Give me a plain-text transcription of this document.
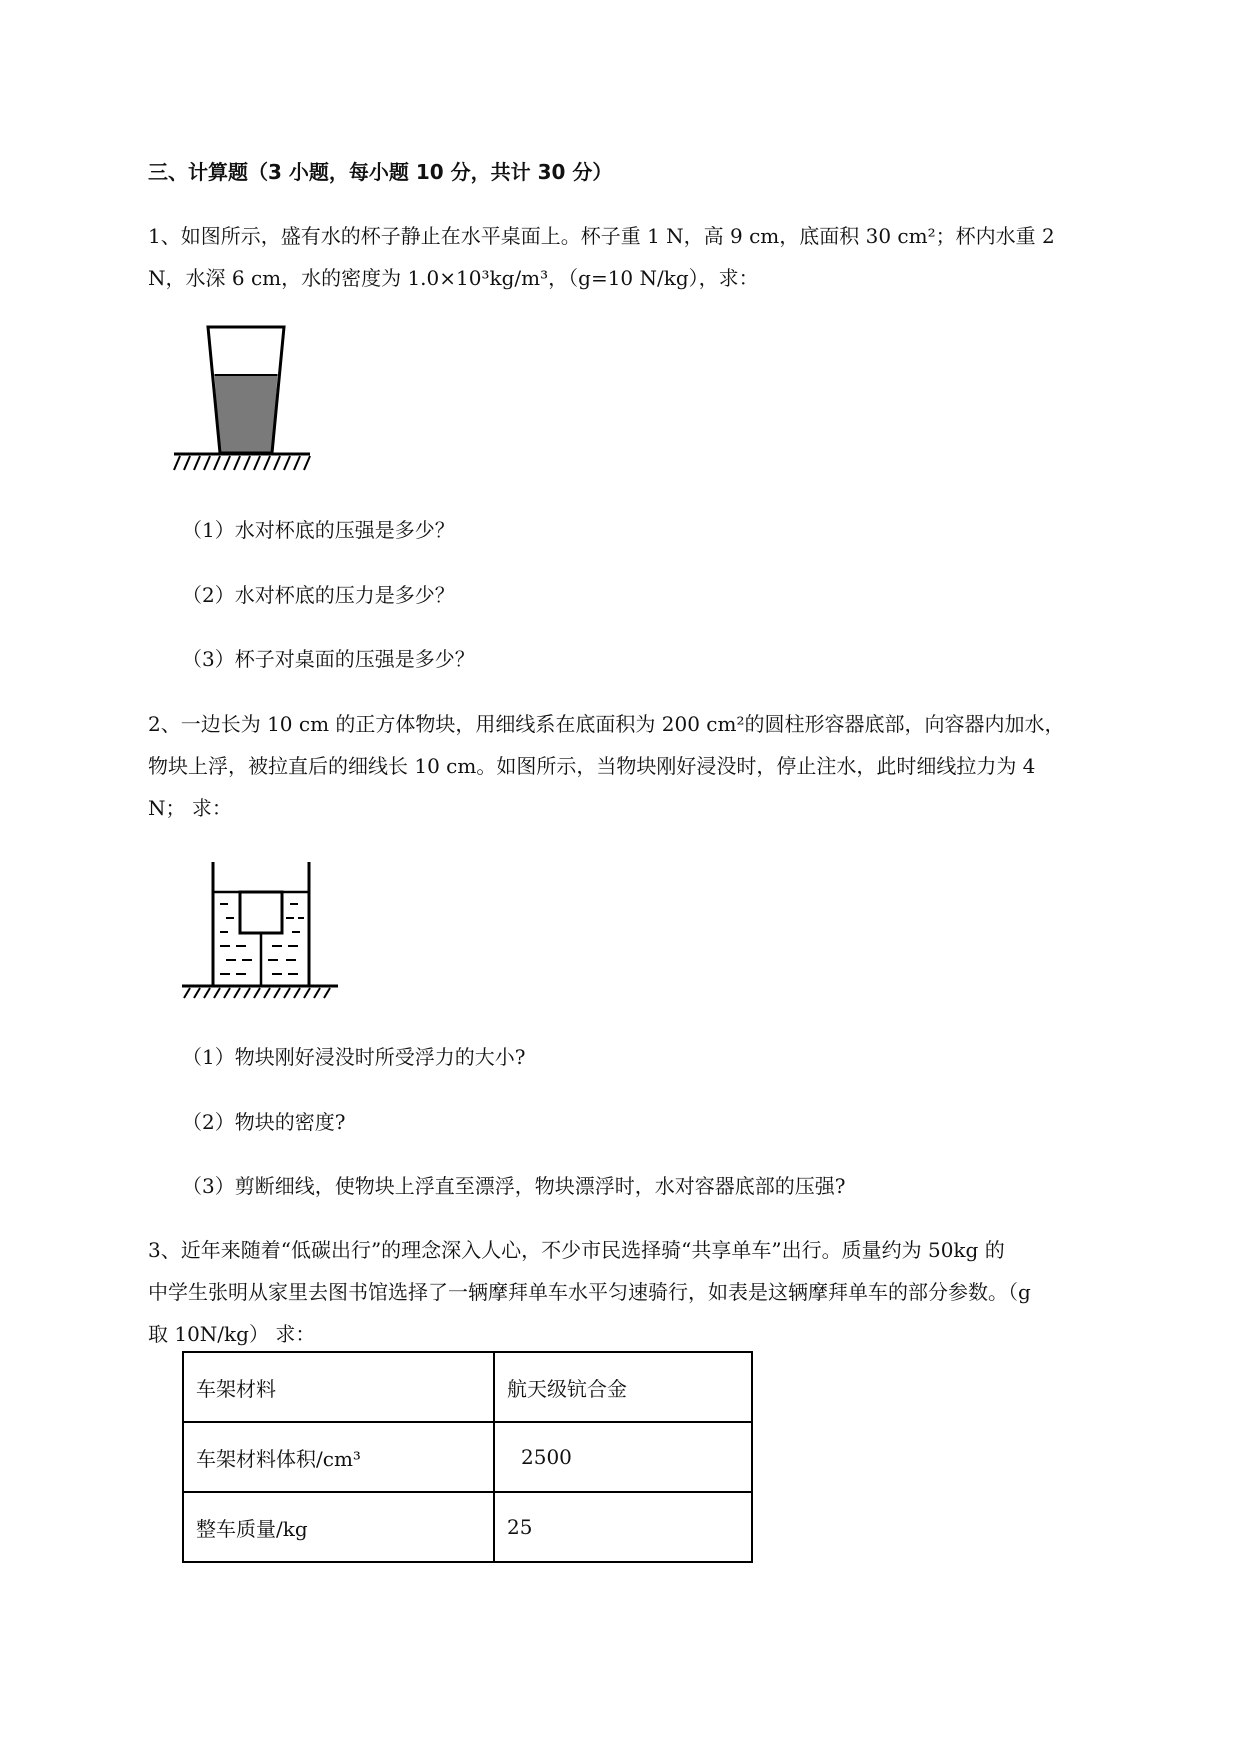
三、计算题（3 小题，每小题 10 分，共计 30 分）
1、如图所示，盛有水的杯子静止在水平桌面上。杯子重 1 N，高 9 cm，底面积 30 cm²；杯内水重 2
N，水深 6 cm，水的密度为 1.0×10³kg/m³，（g=10 N/kg），求：
（1）水对杯底的压强是多少？
（2）水对杯底的压力是多少？
（3）杯子对桌面的压强是多少？
2、一边长为 10 cm 的正方体物块，用细线系在底面积为 200 cm²的圆柱形容器底部，向容器内加水，
物块上浮，被拉直后的细线长 10 cm。如图所示，当物块刚好浸没时，停止注水，此时细线拉力为 4
N； 求：
（1）物块刚好浸没时所受浮力的大小?
（2）物块的密度?
（3）剪断细线，使物块上浮直至漂浮，物块漂浮时，水对容器底部的压强?
3、近年来随着“低碳出行”的理念深入人心，不少市民选择骑“共享单车”出行。质量约为 50kg 的
中学生张明从家里去图书馆选择了一辆摩拜单车水平匀速骑行，如表是这辆摩拜单车的部分参数。（g
取 10N/kg） 求：
车架材料	航天级钪合金
车架材料体积/cm³	2500
整车质量/kg	25
